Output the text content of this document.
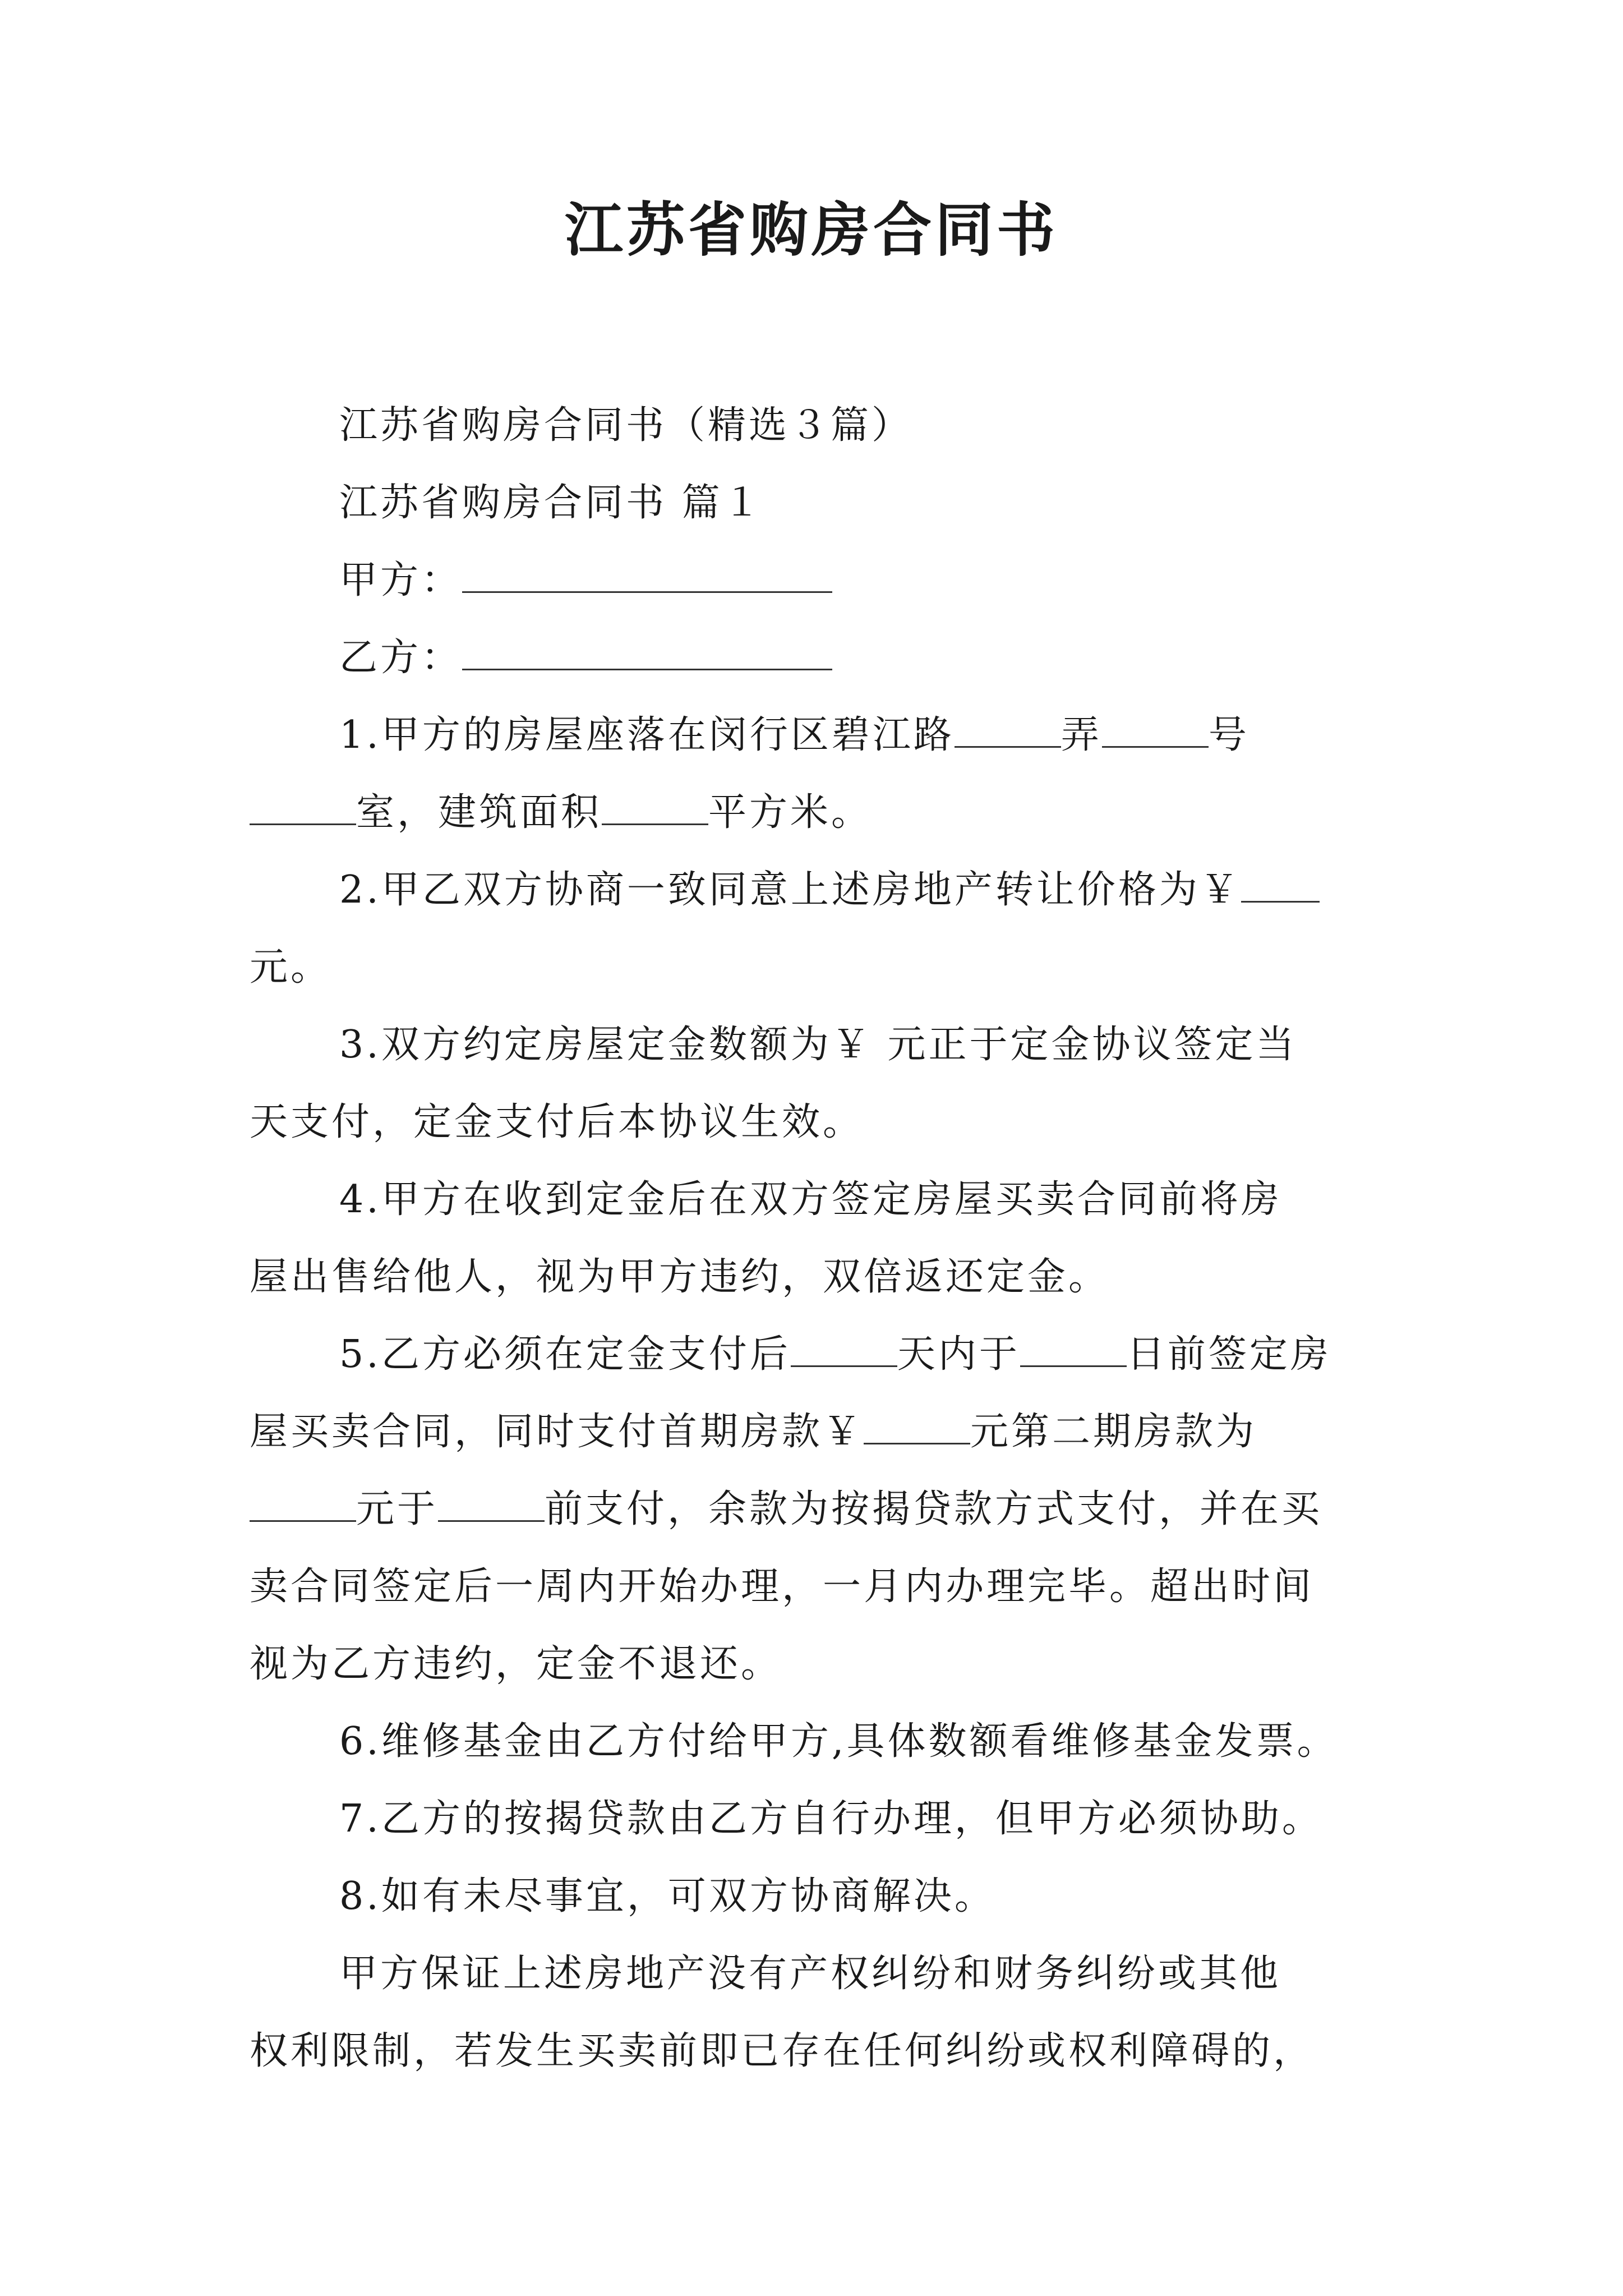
江苏省购房合同书

江苏省购房合同书（精选３篇）

江苏省购房合同书 篇１

甲方：

乙方：

1.甲方的房屋座落在闵行区碧江路	弄	号

室，建筑面积	平方米。

2.甲乙双方协商一致同意上述房地产转让价格为￥

元。

3.双方约定房屋定金数额为￥ 元正于定金协议签定当

天支付，定金支付后本协议生效。

4.甲方在收到定金后在双方签定房屋买卖合同前将房

屋出售给他人，视为甲方违约，双倍返还定金。

5.乙方必须在定金支付后	天内于	日前签定房

屋买卖合同，同时支付首期房款￥	元第二期房款为

元于	前支付，余款为按揭贷款方式支付，并在买

卖合同签定后一周内开始办理，一月内办理完毕。超出时间

视为乙方违约，定金不退还。

6.维修基金由乙方付给甲方,具体数额看维修基金发票。

7.乙方的按揭贷款由乙方自行办理，但甲方必须协助。

8.如有未尽事宜，可双方协商解决。

甲方保证上述房地产没有产权纠纷和财务纠纷或其他

权利限制，若发生买卖前即已存在任何纠纷或权利障碍的，
